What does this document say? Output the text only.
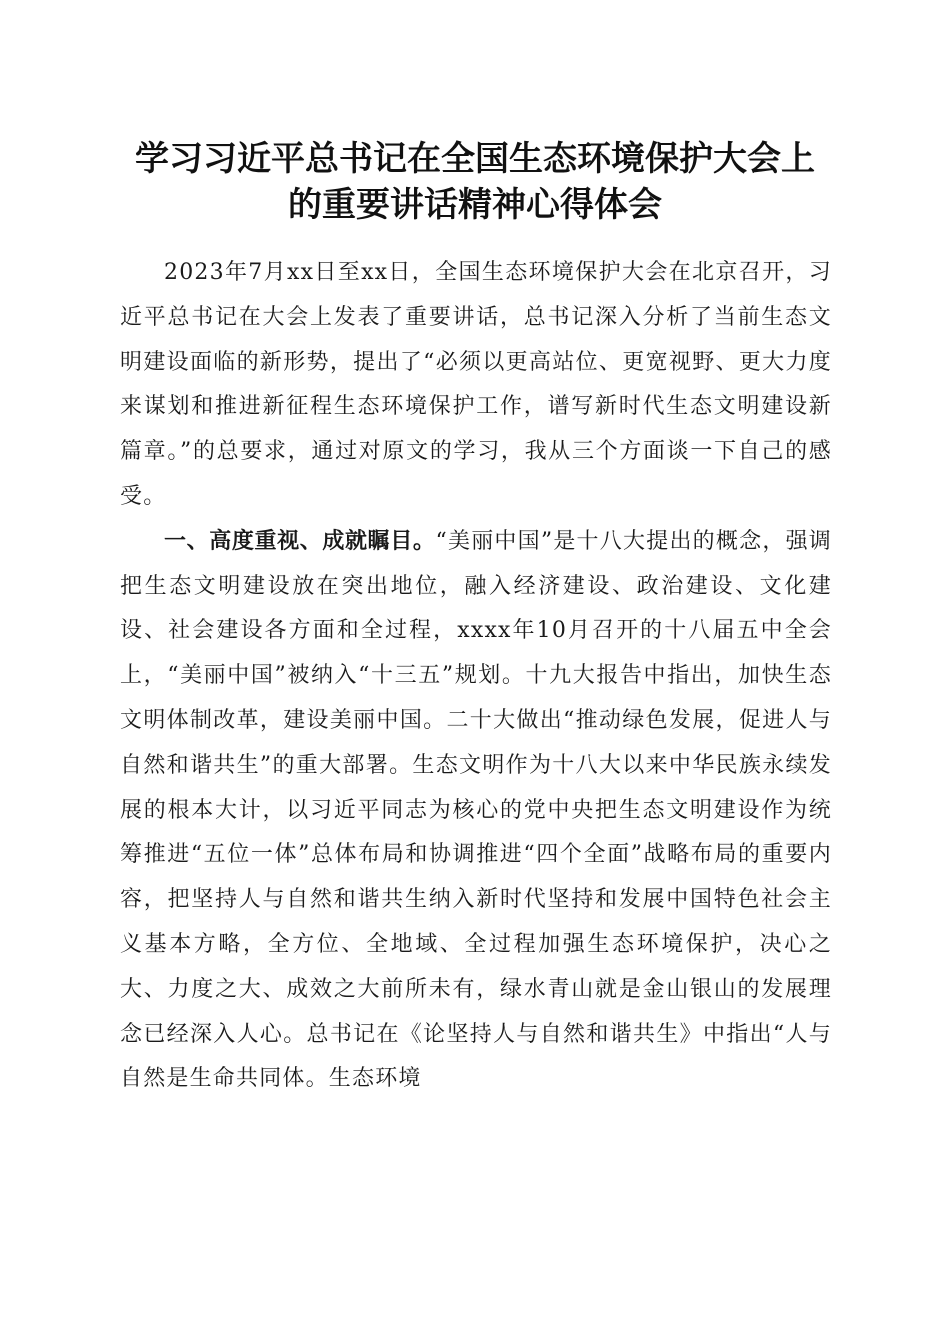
学习习近平总书记在全国生态环境保护大会上
的重要讲话精神心得体会

2023年7月xx日至xx日，全国生态环境保护大会在北京召开，习近平总书记在大会上发表了重要讲话，总书记深入分析了当前生态文明建设面临的新形势，提出了“必须以更高站位、更宽视野、更大力度来谋划和推进新征程生态环境保护工作，谱写新时代生态文明建设新篇章。”的总要求，通过对原文的学习，我从三个方面谈一下自己的感受。

一、高度重视、成就瞩目。“美丽中国”是十八大提出的概念，强调把生态文明建设放在突出地位，融入经济建设、政治建设、文化建设、社会建设各方面和全过程，xxxx年10月召开的十八届五中全会上，“美丽中国”被纳入“十三五”规划。十九大报告中指出，加快生态文明体制改革，建设美丽中国。二十大做出“推动绿色发展，促进人与自然和谐共生”的重大部署。生态文明作为十八大以来中华民族永续发展的根本大计，以习近平同志为核心的党中央把生态文明建设作为统筹推进“五位一体”总体布局和协调推进“四个全面”战略布局的重要内容，把坚持人与自然和谐共生纳入新时代坚持和发展中国特色社会主义基本方略，全方位、全地域、全过程加强生态环境保护，决心之大、力度之大、成效之大前所未有，绿水青山就是金山银山的发展理念已经深入人心。总书记在《论坚持人与自然和谐共生》中指出“人与自然是生命共同体。生态环境
